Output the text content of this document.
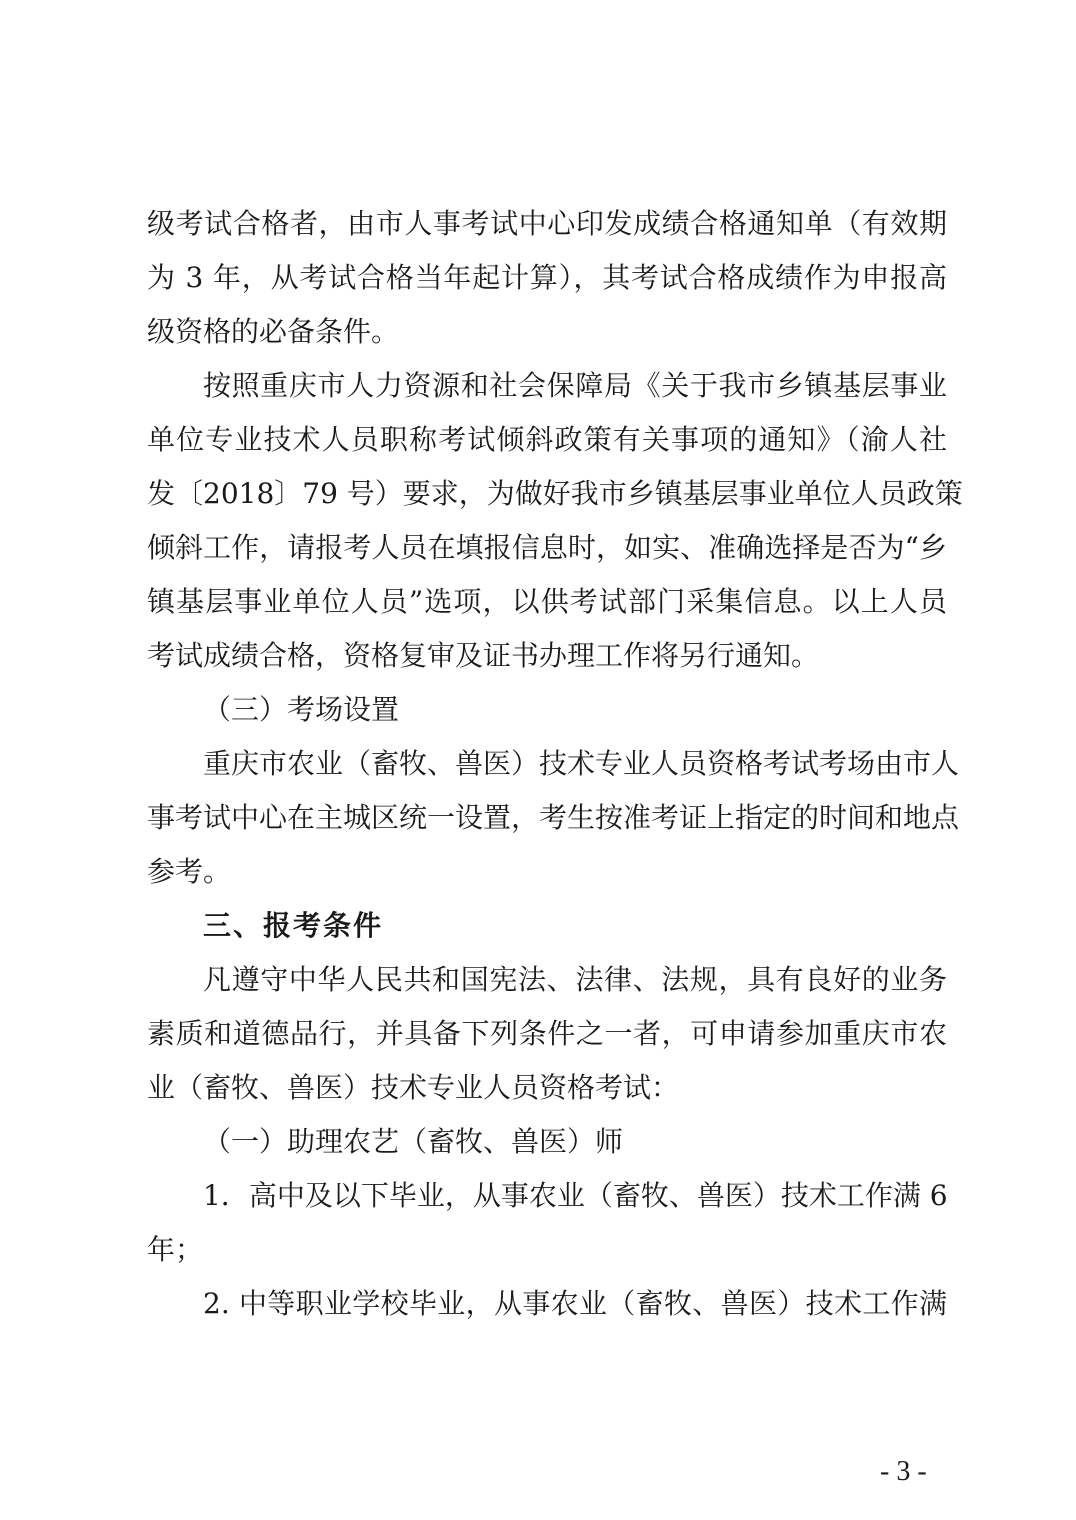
级考试合格者，由市人事考试中心印发成绩合格通知单（有效期
为 3 年，从考试合格当年起计算），其考试合格成绩作为申报高
级资格的必备条件。
按照重庆市人力资源和社会保障局《关于我市乡镇基层事业
单位专业技术人员职称考试倾斜政策有关事项的通知》（渝人社
发〔2018〕79 号）要求，为做好我市乡镇基层事业单位人员政策
倾斜工作，请报考人员在填报信息时，如实、准确选择是否为“乡
镇基层事业单位人员”选项，以供考试部门采集信息。以上人员
考试成绩合格，资格复审及证书办理工作将另行通知。
（三）考场设置
重庆市农业（畜牧、兽医）技术专业人员资格考试考场由市人
事考试中心在主城区统一设置，考生按准考证上指定的时间和地点
参考。
三、报考条件
凡遵守中华人民共和国宪法、法律、法规，具有良好的业务
素质和道德品行，并具备下列条件之一者，可申请参加重庆市农
业（畜牧、兽医）技术专业人员资格考试：
（一）助理农艺（畜牧、兽医）师
1．高中及以下毕业，从事农业（畜牧、兽医）技术工作满 6
年；
2. 中等职业学校毕业，从事农业（畜牧、兽医）技术工作满
- 3 -
